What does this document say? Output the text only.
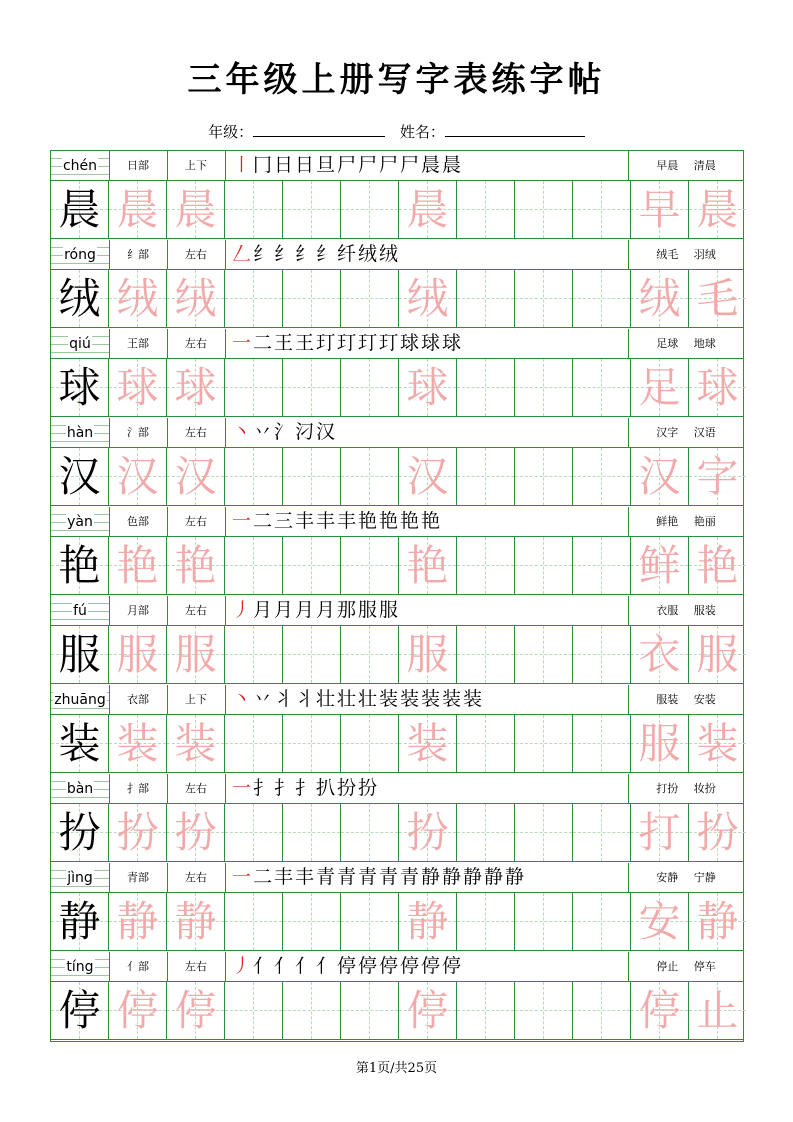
三年级上册写字表练字帖
年级：	姓名：
chén	日部	上下	㇑ 冂 日 日 旦 尸 尸 尸 尸 晨 晨	早晨 清晨
晨 晨 晨	晨	早 晨
róng	纟部	左右	𠃋 纟 纟 纟 纟 纤 绒 绒	绒毛 羽绒
绒 绒 绒	绒	绒 毛
qiú	王部	左右	一 二 王 王 玎 玎 玎 玎 球 球 球	足球 地球
球 球 球	球	足 球
hàn	氵部	左右	丶 丷 氵 汈 汉	汉字 汉语
汉 汉 汉	汉	汉 字
yàn	色部	左右	一 二 三 丰 丰 丰 艳 艳 艳 艳	鲜艳 艳丽
艳 艳 艳	艳	鲜 艳
fú	月部	左右	丿 月 月 月 月 那 服 服	衣服 服装
服 服 服	服	衣 服
zhuāng	衣部	上下	丶 丷 丬 丬 壮 壮 壮 装 装 装 装 装	服装 安装
装 装 装	装	服 装
bàn	扌部	左右	一 扌 扌 扌 扒 扮 扮	打扮 妆扮
扮 扮 扮	扮	打 扮
jìng	青部	左右	一 二 丰 丰 青 青 青 青 青 静 静 静 静 静	安静 宁静
静 静 静	静	安 静
tíng	亻部	左右	丿 亻 亻 亻 亻 停 停 停 停 停 停	停止 停车
停 停 停	停	停 止
第1页/共25页
